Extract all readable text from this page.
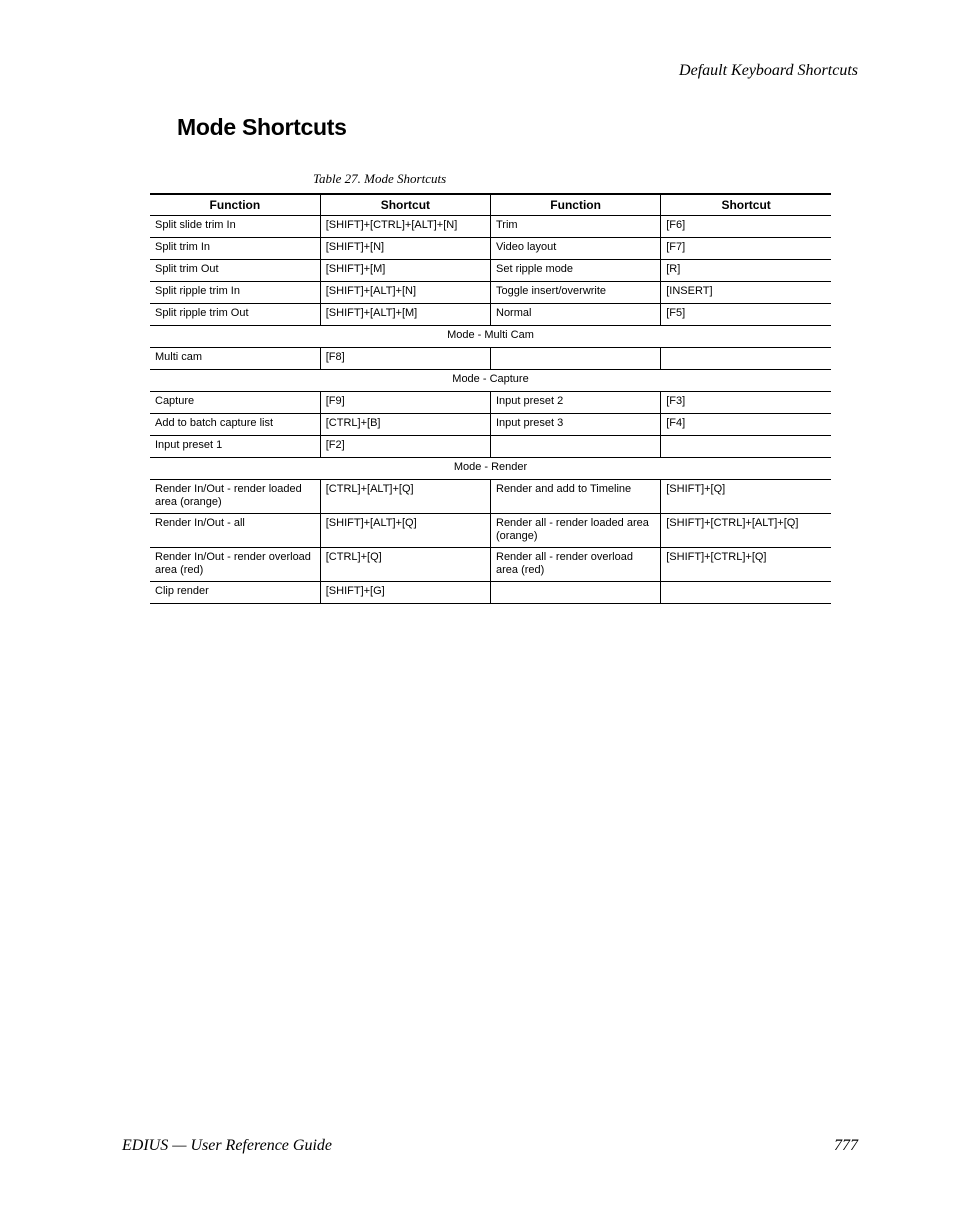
Default Keyboard Shortcuts
Mode Shortcuts
Table 27. Mode Shortcuts
Function	Shortcut	Function	Shortcut
Split slide trim In	[SHIFT]+[CTRL]+[ALT]+[N]	Trim	[F6]
Split trim In	[SHIFT]+[N]	Video layout	[F7]
Split trim Out	[SHIFT]+[M]	Set ripple mode	[R]
Split ripple trim In	[SHIFT]+[ALT]+[N]	Toggle insert/overwrite	[INSERT]
Split ripple trim Out	[SHIFT]+[ALT]+[M]	Normal	[F5]
Mode - Multi Cam			
Multi cam	[F8]		
Mode - Capture			
Capture	[F9]	Input preset 2	[F3]
Add to batch capture list	[CTRL]+[B]	Input preset 3	[F4]
Input preset 1	[F2]		
Mode - Render			
Render In/Out - render loaded area (orange)	[CTRL]+[ALT]+[Q]	Render and add to Timeline	[SHIFT]+[Q]
Render In/Out - all	[SHIFT]+[ALT]+[Q]	Render all - render loaded area (orange)	[SHIFT]+[CTRL]+[ALT]+[Q]
Render In/Out - render overload area (red)	[CTRL]+[Q]	Render all - render overload area (red)	[SHIFT]+[CTRL]+[Q]
Clip render	[SHIFT]+[G]		
EDIUS — User Reference Guide	777
